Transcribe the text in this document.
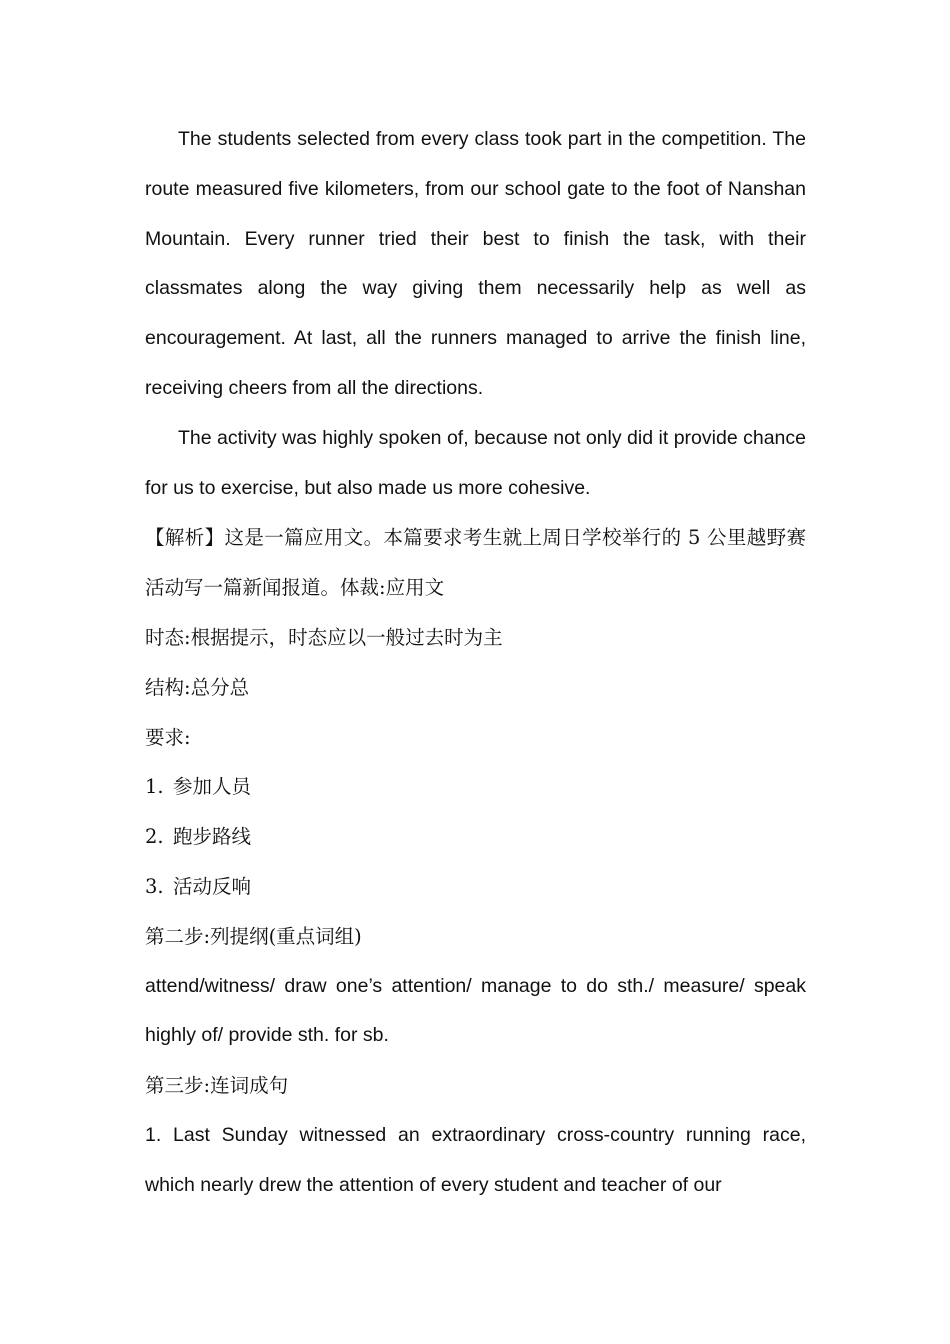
The students selected from every class took part in the competition. The route measured five kilometers, from our school gate to the foot of Nanshan Mountain. Every runner tried their best to finish the task, with their classmates along the way giving them necessarily help as well as encouragement. At last, all the runners managed to arrive the finish line, receiving cheers from all the directions.

The activity was highly spoken of, because not only did it provide chance for us to exercise, but also made us more cohesive.

【解析】这是一篇应用文。本篇要求考生就上周日学校举行的 5 公里越野赛活动写一篇新闻报道。体裁:应用文

时态:根据提示，时态应以一般过去时为主

结构:总分总

要求:

1. 参加人员

2. 跑步路线

3. 活动反响

第二步:列提纲(重点词组)

attend/witness/ draw one’s attention/ manage to do sth./ measure/ speak highly of/ provide sth. for sb.

第三步:连词成句

1. Last Sunday witnessed an extraordinary cross-country running race, which nearly drew the attention of every student and teacher of our
